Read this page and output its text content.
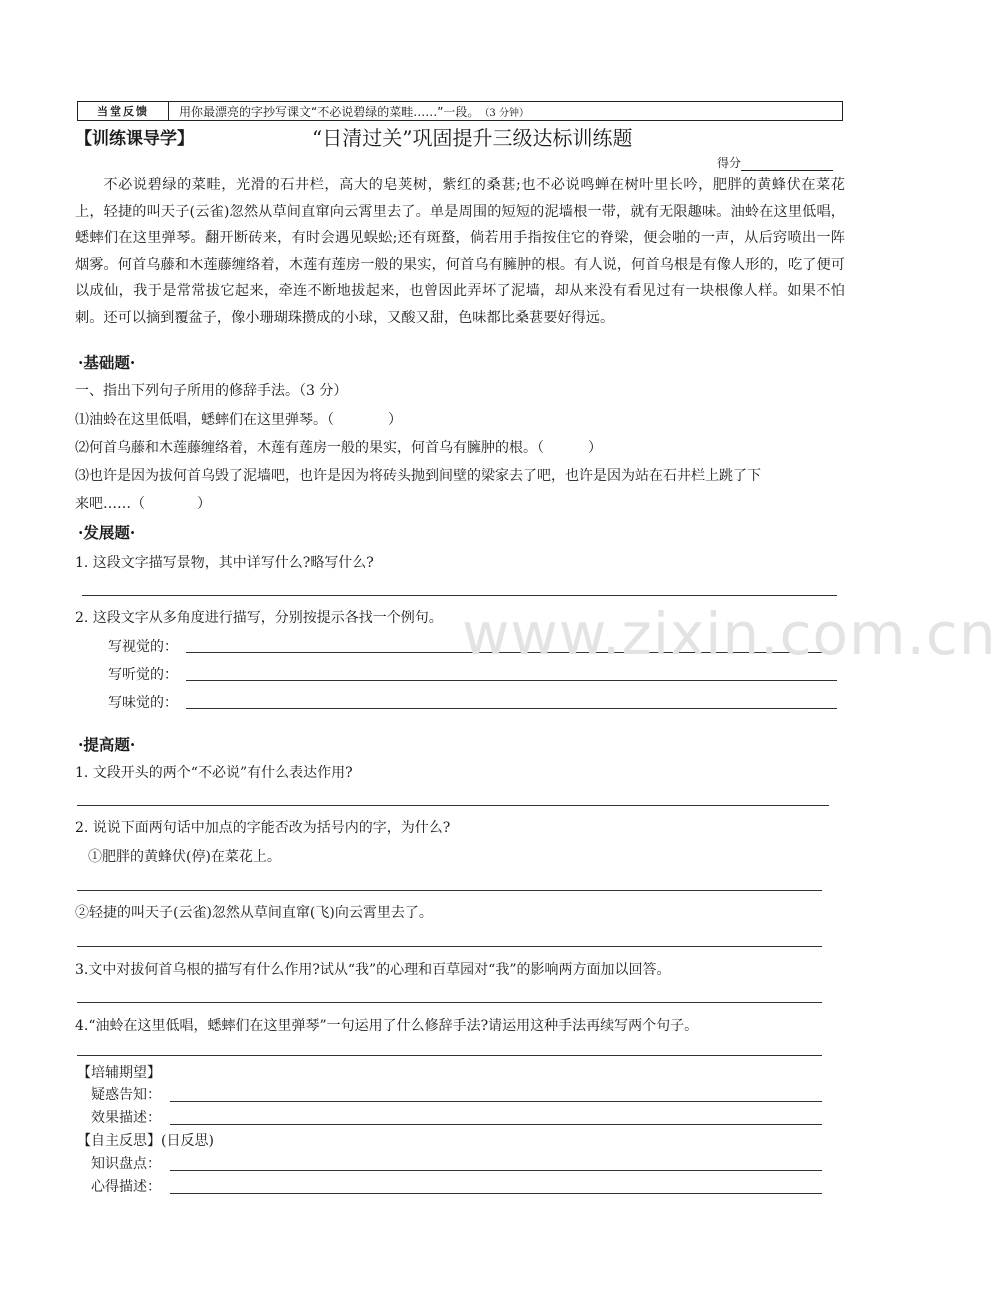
当堂反馈	用你最漂亮的字抄写课文“不必说碧绿的菜畦……”一段。 （3 分钟）
【训练课导学】	“日清过关”巩固提升三级达标训练题
得分

不必说碧绿的菜畦，光滑的石井栏，高大的皂荚树，紫红的桑葚;也不必说鸣蝉在树叶里长吟，肥胖的黄蜂伏在菜花上，轻捷的叫天子(云雀)忽然从草间直窜向云霄里去了。单是周围的短短的泥墙根一带，就有无限趣味。油蛉在这里低唱，蟋蟀们在这里弹琴。翻开断砖来，有时会遇见蜈蚣;还有斑蝥，倘若用手指按住它的脊梁，便会啪的一声，从后窍喷出一阵烟雾。何首乌藤和木莲藤缠络着，木莲有莲房一般的果实，何首乌有臃肿的根。有人说，何首乌根是有像人形的，吃了便可以成仙，我于是常常拔它起来，牵连不断地拔起来，也曾因此弄坏了泥墙，却从来没有看见过有一块根像人样。如果不怕刺。还可以摘到覆盆子，像小珊瑚珠攒成的小球，又酸又甜，色味都比桑葚要好得远。

·基础题·
一、指出下列句子所用的修辞手法。（3 分）
⑴油蛉在这里低唱，蟋蟀们在这里弹琴。（	）
⑵何首乌藤和木莲藤缠络着，木莲有莲房一般的果实，何首乌有臃肿的根。（	）
⑶也许是因为拔何首乌毁了泥墙吧，也许是因为将砖头抛到间壁的梁家去了吧，也许是因为站在石井栏上跳了下
来吧……（	）
·发展题·
1. 这段文字描写景物，其中详写什么?略写什么?
2. 这段文字从多角度进行描写，分别按提示各找一个例句。
写视觉的：
写听觉的：
写味觉的：
·提高题·
1. 文段开头的两个“不必说”有什么表达作用?
2. 说说下面两句话中加点的字能否改为括号内的字，为什么?
①肥胖的黄蜂伏(停)在菜花上。
②轻捷的叫天子(云雀)忽然从草间直窜(飞)向云霄里去了。
3.文中对拔何首乌根的描写有什么作用?试从“我”的心理和百草园对“我”的影响两方面加以回答。
4.“油蛉在这里低唱，蟋蟀们在这里弹琴”一句运用了什么修辞手法?请运用这种手法再续写两个句子。
【培辅期望】
疑惑告知：
效果描述：
【自主反思】(日反思)
知识盘点：
心得描述：
www.zixin.com.cn
